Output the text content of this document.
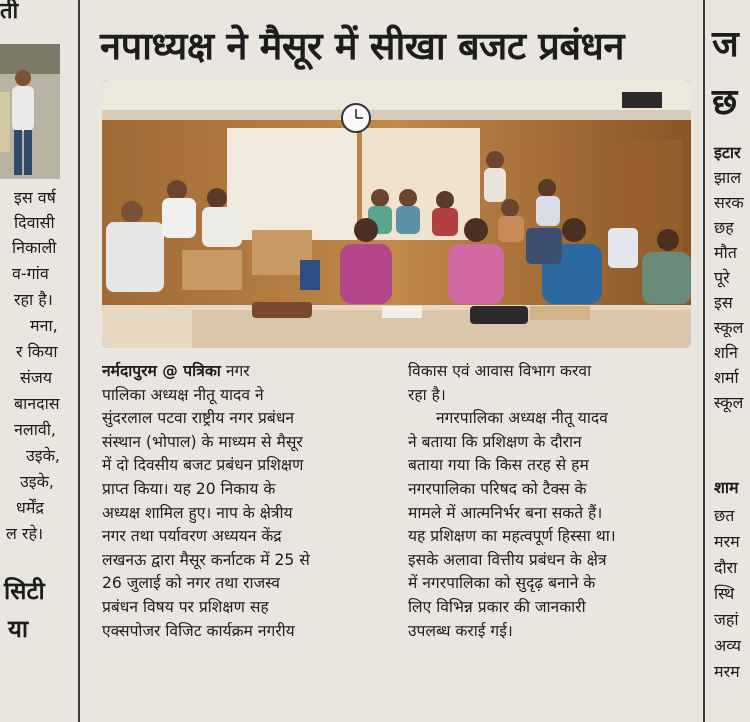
ती
इस वर्ष
दिवासी
निकाली
व-गांव
रहा है।
मना,
र किया
संजय
बानदास
नलावी,
उइके,
उइके,
धर्मेंद्र
ल रहे।
सिटी
या
नपाध्यक्ष ने मैसूर में सीखा बजट प्रबंधन
नर्मदापुरम @ पत्रिका नगर
पालिका अध्यक्ष नीतू यादव ने
सुंदरलाल पटवा राष्ट्रीय नगर प्रबंधन
संस्थान (भोपाल) के माध्यम से मैसूर
में दो दिवसीय बजट प्रबंधन प्रशिक्षण
प्राप्त किया। यह 20 निकाय के
अध्यक्ष शामिल हुए। नाप के क्षेत्रीय
नगर तथा पर्यावरण अध्ययन केंद्र
लखनऊ द्वारा मैसूर कर्नाटक में 25 से
26 जुलाई को नगर तथा राजस्व
प्रबंधन विषय पर प्रशिक्षण सह
एक्सपोजर विजिट कार्यक्रम नगरीय
विकास एवं आवास विभाग करवा
रहा है।
नगरपालिका अध्यक्ष नीतू यादव
ने बताया कि प्रशिक्षण के दौरान
बताया गया कि किस तरह से हम
नगरपालिका परिषद को टैक्स के
मामले में आत्मनिर्भर बना सकते हैं।
यह प्रशिक्षण का महत्वपूर्ण हिस्सा था।
इसके अलावा वित्तीय प्रबंधन के क्षेत्र
में नगरपालिका को सुदृढ़ बनाने के
लिए विभिन्न प्रकार की जानकारी
उपलब्ध कराई गई।
ज
छ
इटार
झाल
सरक
छह
मौत
पूरे
इस
स्कूल
शनि
शर्मा
स्कूल
शाम
छत
मरम
दौरा
स्थि
जहां
अव्य
मरम
